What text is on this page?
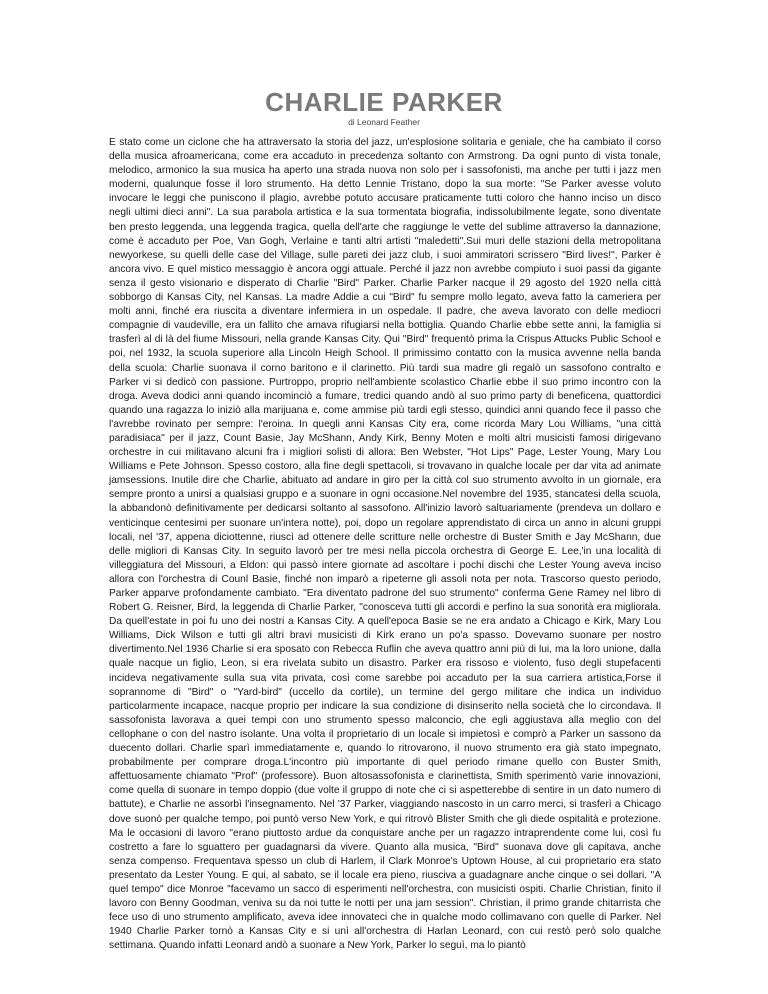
CHARLIE PARKER
di Leonard Feather

E stato come un ciclone che ha attraversato la storia del jazz, un'esplosione solitaria e geniale, che ha cambiato il corso della musica afroamericana, come era accaduto in precedenza soltanto con Armstrong. Da ogni punto di vista tonale, melodico, armonico la sua musica ha aperto una strada nuova non solo per i sassofonisti, ma anche per tutti i jazz men moderni, qualunque fosse il loro strumento. Ha detto Lennie Tristano, dopo la sua morte: "Se Parker avesse voluto invocare le leggi che puniscono il plagio, avrebbe potuto accusare praticamente tutti coloro che hanno inciso un disco negli ultimi dieci anni". La sua parabola artistica e la sua tormentata biografia, indissolubilmente legate, sono diventate ben presto leggenda, una leggenda tragica, quella dell'arte che raggiunge le vette del sublime attraverso la dannazione, come è accaduto per Poe, Van Gogh, Verlaine e tanti altri artisti "maledetti".Sui muri delle stazioni della metropolitana newyorkese, su quelli delle case del Village, sulle pareti dei jazz club, i suoi ammiratori scrissero "Bird lives!", Parker è ancora vivo. E quel mistico messaggio è ancora oggi attuale. Perché il jazz non avrebbe compiuto i suoi passi da gigante senza il gesto visionario e disperato di Charlie "Bird" Parker. Charlie Parker nacque il 29 agosto del 1920 nella città sobborgo di Kansas City, nel Kansas. La madre Addie a cui "Bird" fu sempre mollo legato, aveva fatto la cameriera per molti anni, finché era riuscita a diventare infermiera in un ospedale. Il padre, che aveva lavorato con delle mediocri compagnie di vaudeville, era un fallito che amava rifugiarsi nella bottiglia. Quando Charlie ebbe sette anni, la famiglia si trasferì al di là del fiume Missouri, nella grande Kansas City. Qui "Bird" frequentò prima la Crispus Attucks Public School e poi, nel 1932, la scuola superiore alla Lincoln Heigh School. Il primissimo contatto con la musica avvenne nella banda della scuola: Charlie suonava il corno baritono e il clarinetto. Più tardi sua madre gli regalò un sassofono contralto e Parker vi si dedicò con passione. Purtroppo, proprio nell'ambiente scolastico Charlie ebbe il suo primo incontro con la droga. Aveva dodici anni quando incominciò a fumare, tredici quando andò al suo primo party di beneficena, quattordici quando una ragazza lo iniziò alla marijuana e, come ammise più tardi egli stesso, quindici anni quando fece il passo che l'avrebbe rovinato per sempre: l'eroina. In quegli anni Kansas City era, come ricorda Mary Lou Williams, "una città paradisiaca" per il jazz, Count Basie, Jay McShann, Andy Kirk, Benny Moten e molti altri musicisti famosi dirigevano orchestre in cui militavano alcuni fra i migliori solisti di allora: Ben Webster, "Hot Lips" Page, Lester Young, Mary Lou Williams e Pete Johnson. Spesso costoro, alla fine degli spettacoli, si trovavano in qualche locale per dar vita ad animate jamsessions. Inutile dire che Charlie, abituato ad andare in giro per la città col suo strumento avvolto in un giornale, era sempre pronto a unirsi a qualsiasi gruppo e a suonare in ogni occasione.Nel novembre del 1935, stancatesi della scuola, la abbandonò definitivamente per dedicarsi soltanto al sassofono. All'inizio lavorò saltuariamente (prendeva un dollaro e venticinque centesimi per suonare un'intera notte), poi, dopo un regolare apprendistato di circa un anno in alcuni gruppi locali, nel '37, appena diciottenne, riuscì ad ottenere delle scritture nelle orchestre di Buster Smith e Jay McShann, due delle migliori di Kansas City. In seguito lavorò per tre mesi nella piccola orchestra di George E. Lee,'in una località di villeggiatura del Missouri, a Eldon: qui passò intere giornate ad ascoltare i pochi dischi che Lester Young aveva inciso allora con l'orchestra di Counl Basie, finché non imparò a ripeterne gli assoli nota per nota. Trascorso questo periodo, Parker apparve profondamente cambiato. "Era diventato padrone del suo strumento" conferma Gene Ramey nel libro di Robert G. Reisner, Bird, la leggenda di Charlie Parker, "conosceva tutti gli accordi e perfino la sua sonorità era migliorala. Da quell'estate in poi fu uno dei nostri a Kansas City. A quell'epoca Basie se ne era andato a Chicago e Kirk, Mary Lou Williams, Dick Wilson e tutti gli altri bravi musicisti di Kirk erano un po'a spasso. Dovevamo suonare per nostro divertimento.Nel 1936 Charlie si era sposato con Rebecca Ruflin che aveva quattro anni più di lui, ma la loro unione, dalla quale nacque un figlio, Leon, si era rivelata subito un disastro. Parker era rissoso e violento, fuso degli stupefacenti incideva negativamente sulla sua vita privata, così come sarebbe poi accaduto per la sua carriera artistica,Forse il soprannome di "Bird" o "Yard-bird" (uccello da cortile), un termine del gergo militare che indica un individuo particolarmente incapace, nacque proprio per indicare la sua condizione di disinserito nella società che lo circondava. Il sassofonista lavorava a quei tempi con uno strumento spesso malconcio, che egli aggiustava alla meglio con del cellophane o con del nastro isolante. Una volta il proprietario di un locale si impietosì e comprò a Parker un sassono da duecento dollari. Charlie sparì immediatamente e, quando lo ritrovarono, il nuovo strumento era già stato impegnato, probabilmente per comprare droga.L'incontro più importante di quel periodo rimane quello con Buster Smith, affettuosamente chiamato "Prof" (professore). Buon altosassofonista e clarinettista, Smith sperimentò varie innovazioni, come quella di suonare in tempo doppio (due volte il gruppo di note che ci si aspetterebbe di sentire in un dato numero di battute), e Charlie ne assorbì l'insegnamento. Nel '37 Parker, viaggiando nascosto in un carro merci, si trasferì a Chicago dove suonò per qualche tempo, poi puntò verso New York, e qui ritrovò Blister Smith che gli diede ospitalità e protezione. Ma le occasioni di lavoro "erano piuttosto ardue da conquistare anche per un ragazzo intraprendente come lui, così fu costretto a fare lo sguattero per guadagnarsi da vivere. Quanto alla musica, "Bird" suonava dove gli capitava, anche senza compenso. Frequentava spesso un club di Harlem, il Clark Monroe's Uptown House, al cui proprietario era stato presentato da Lester Young. E qui, al sabato, se il locale era pieno, riusciva a guadagnare anche cinque o sei dollari. "A quel tempo" dice Monroe "facevamo un sacco di esperimenti nell'orchestra, con musicisti ospiti. Charlie Christian, finito il lavoro con Benny Goodman, veniva su da noi tutte le notti per una jam session". Christian, il primo grande chitarrista che fece uso di uno strumento amplificato, aveva idee innovateci che in qualche modo collimavano con quelle di Parker. Nel 1940 Charlie Parker tornò a Kansas City e si unì all'orchestra di Harlan Leonard, con cui restò però solo qualche settimana. Quando infatti Leonard andò a suonare a New York, Parker lo seguì, ma lo piantò
